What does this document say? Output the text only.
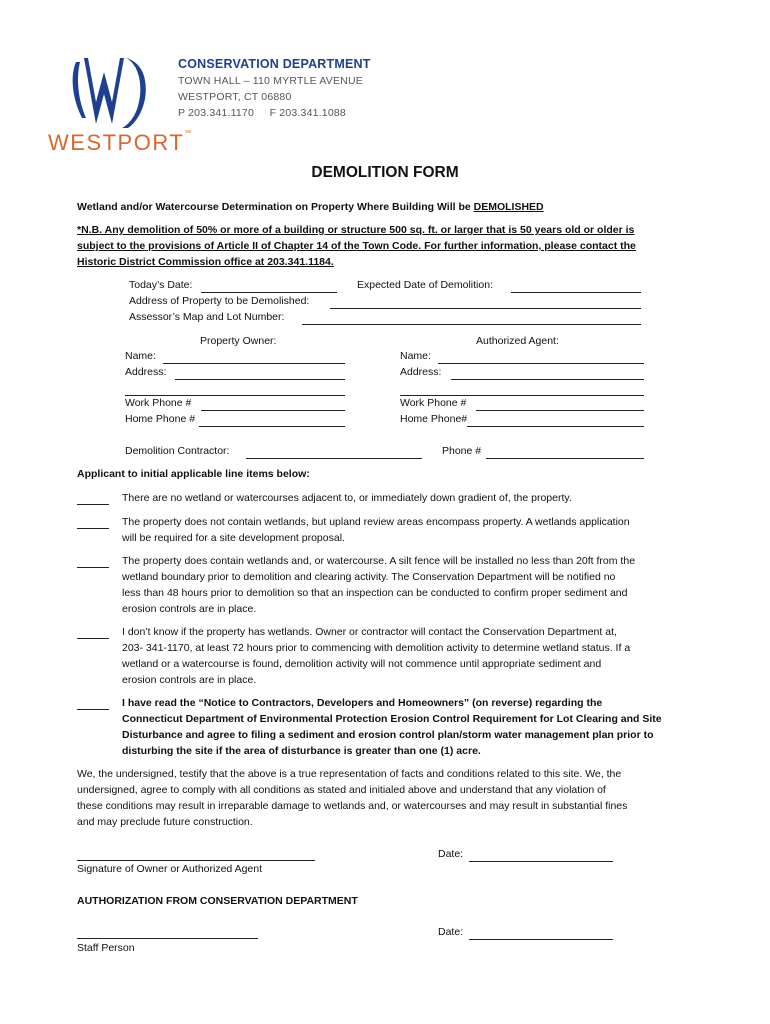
WESTPORT™
CONSERVATION DEPARTMENT
TOWN HALL – 110 MYRTLE AVENUE
WESTPORT, CT 06880
P 203.341.1170 F 203.341.1088
DEMOLITION FORM
Wetland and/or Watercourse Determination on Property Where Building Will be DEMOLISHED
*N.B. Any demolition of 50% or more of a building or structure 500 sq. ft. or larger that is 50 years old or older is
subject to the provisions of Article II of Chapter 14 of the Town Code. For further information, please contact the
Historic District Commission office at 203.341.1184.
Today’s Date:	Expected Date of Demolition:
Address of Property to be Demolished:
Assessor’s Map and Lot Number:
Property Owner:	Authorized Agent:
Name:	Name:
Address:	Address:
Work Phone #	Work Phone #
Home Phone #	Home Phone#
Demolition Contractor:	Phone #
Applicant to initial applicable line items below:
There are no wetland or watercourses adjacent to, or immediately down gradient of, the property.
The property does not contain wetlands, but upland review areas encompass property. A wetlands application
will be required for a site development proposal.
The property does contain wetlands and, or watercourse. A silt fence will be installed no less than 20ft from the
wetland boundary prior to demolition and clearing activity. The Conservation Department will be notified no
less than 48 hours prior to demolition so that an inspection can be conducted to confirm proper sediment and
erosion controls are in place.
I don’t know if the property has wetlands. Owner or contractor will contact the Conservation Department at,
203- 341-1170, at least 72 hours prior to commencing with demolition activity to determine wetland status. If a
wetland or a watercourse is found, demolition activity will not commence until appropriate sediment and
erosion controls are in place.
I have read the “Notice to Contractors, Developers and Homeowners” (on reverse) regarding the
Connecticut Department of Environmental Protection Erosion Control Requirement for Lot Clearing and Site
Disturbance and agree to filing a sediment and erosion control plan/storm water management plan prior to
disturbing the site if the area of disturbance is greater than one (1) acre.
We, the undersigned, testify that the above is a true representation of facts and conditions related to this site. We, the
undersigned, agree to comply with all conditions as stated and initialed above and understand that any violation of
these conditions may result in irreparable damage to wetlands and, or watercourses and may result in substantial fines
and may preclude future construction.
Signature of Owner or Authorized Agent
Date:
AUTHORIZATION FROM CONSERVATION DEPARTMENT
Staff Person
Date:
